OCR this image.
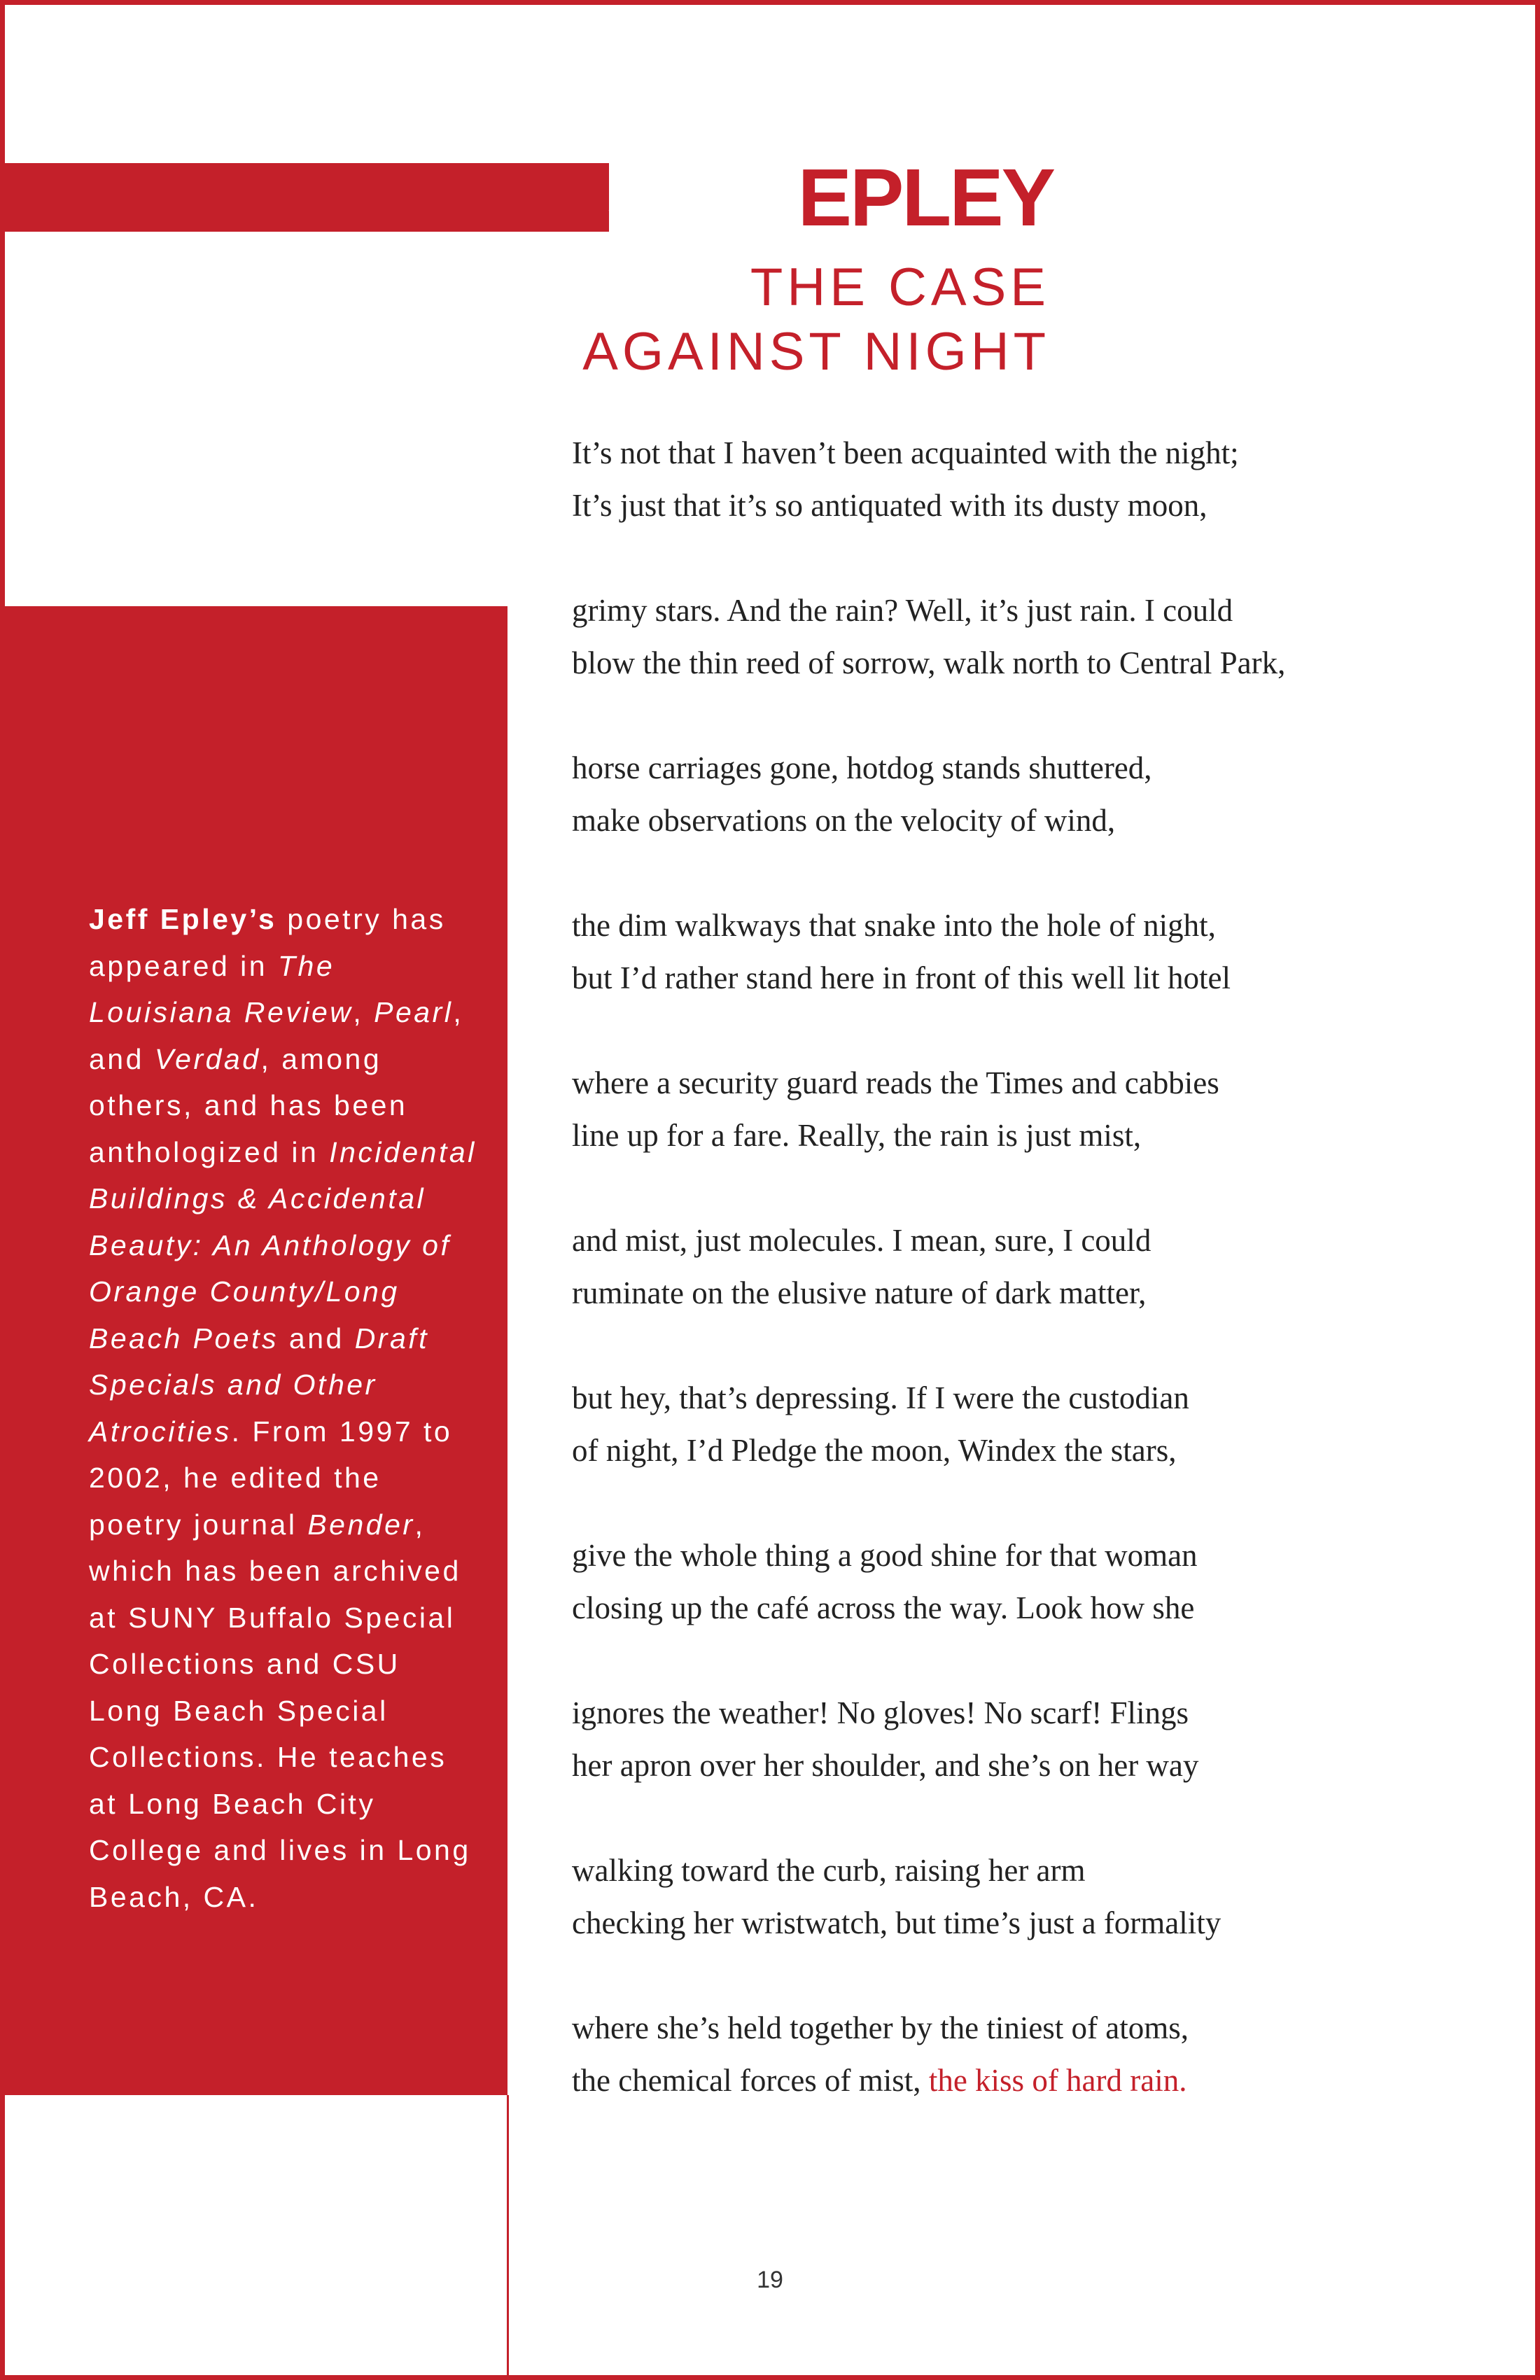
JEFFEPLEY
THE CASE
AGAINST NIGHT
Jeff Epley’s poetry has appeared in The Louisiana Review, Pearl, and Verdad, among others, and has been anthologized in Incidental Buildings & Accidental Beauty: An Anthology of Orange County/Long Beach Poets and Draft Specials and Other Atrocities. From 1997 to 2002, he edited the poetry journal Bender, which has been archived at SUNY Buffalo Special Collections and CSU Long Beach Special Collections. He teaches at Long Beach City College and lives in Long Beach, CA.
It’s not that I haven’t been acquainted with the night;
It’s just that it’s so antiquated with its dusty moon,
grimy stars. And the rain? Well, it’s just rain. I could
blow the thin reed of sorrow, walk north to Central Park,
horse carriages gone, hotdog stands shuttered,
make observations on the velocity of wind,
the dim walkways that snake into the hole of night,
but I’d rather stand here in front of this well lit hotel
where a security guard reads the Times and cabbies
line up for a fare. Really, the rain is just mist,
and mist, just molecules. I mean, sure, I could
ruminate on the elusive nature of dark matter,
but hey, that’s depressing. If I were the custodian
of night, I’d Pledge the moon, Windex the stars,
give the whole thing a good shine for that woman
closing up the café across the way. Look how she
ignores the weather! No gloves! No scarf! Flings
her apron over her shoulder, and she’s on her way
walking toward the curb, raising her arm
checking her wristwatch, but time’s just a formality
where she’s held together by the tiniest of atoms,
the chemical forces of mist, the kiss of hard rain.
19
